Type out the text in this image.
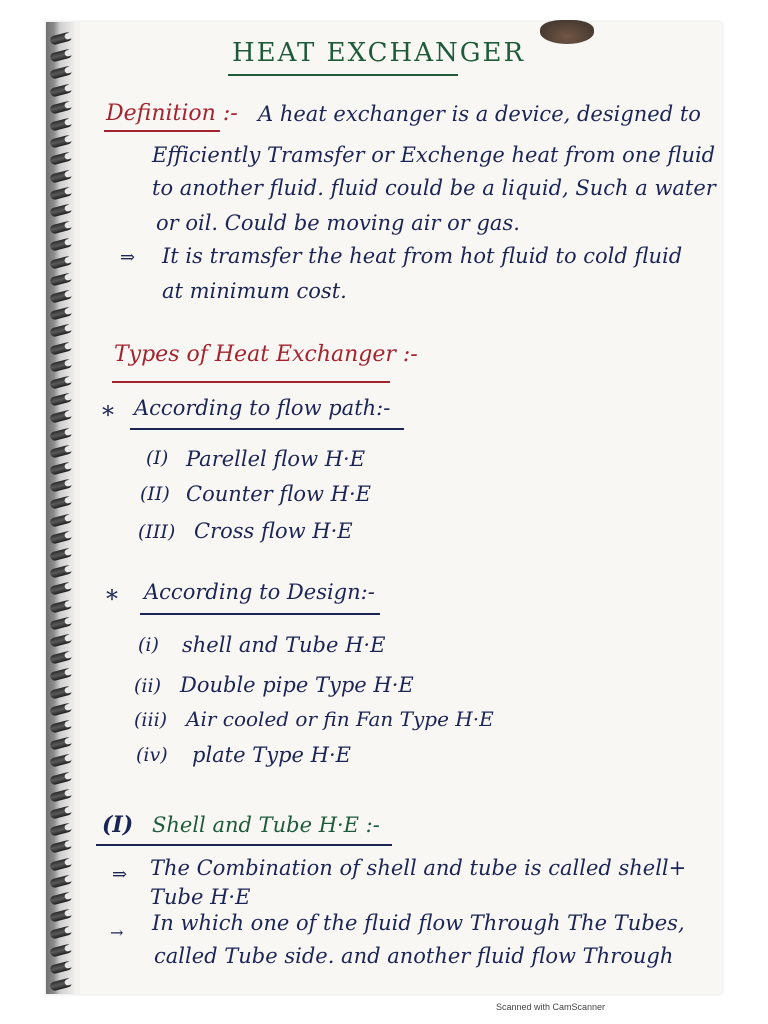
HEAT EXCHANGER
Definition :- A heat exchanger is a device, designed to
Efficiently Tramsfer or Exchenge heat from one fluid
to another fluid. fluid could be a liquid, Such a water
or oil. Could be moving air or gas.
⇒ It is tramsfer the heat from hot fluid to cold fluid
at minimum cost.
Types of Heat Exchanger :-
* According to flow path:-
(I) Parellel flow H·E
(II) Counter flow H·E
(III) Cross flow H·E
* According to Design:-
(i) shell and Tube H·E
(ii) Double pipe Type H·E
(iii) Air cooled or fin Fan Type H·E
(iv) plate Type H·E
(I) Shell and Tube H·E :-
⇒ The Combination of shell and tube is called shell+
Tube H·E
→ In which one of the fluid flow Through The Tubes,
called Tube side. and another fluid flow Through
Scanned with CamScanner
